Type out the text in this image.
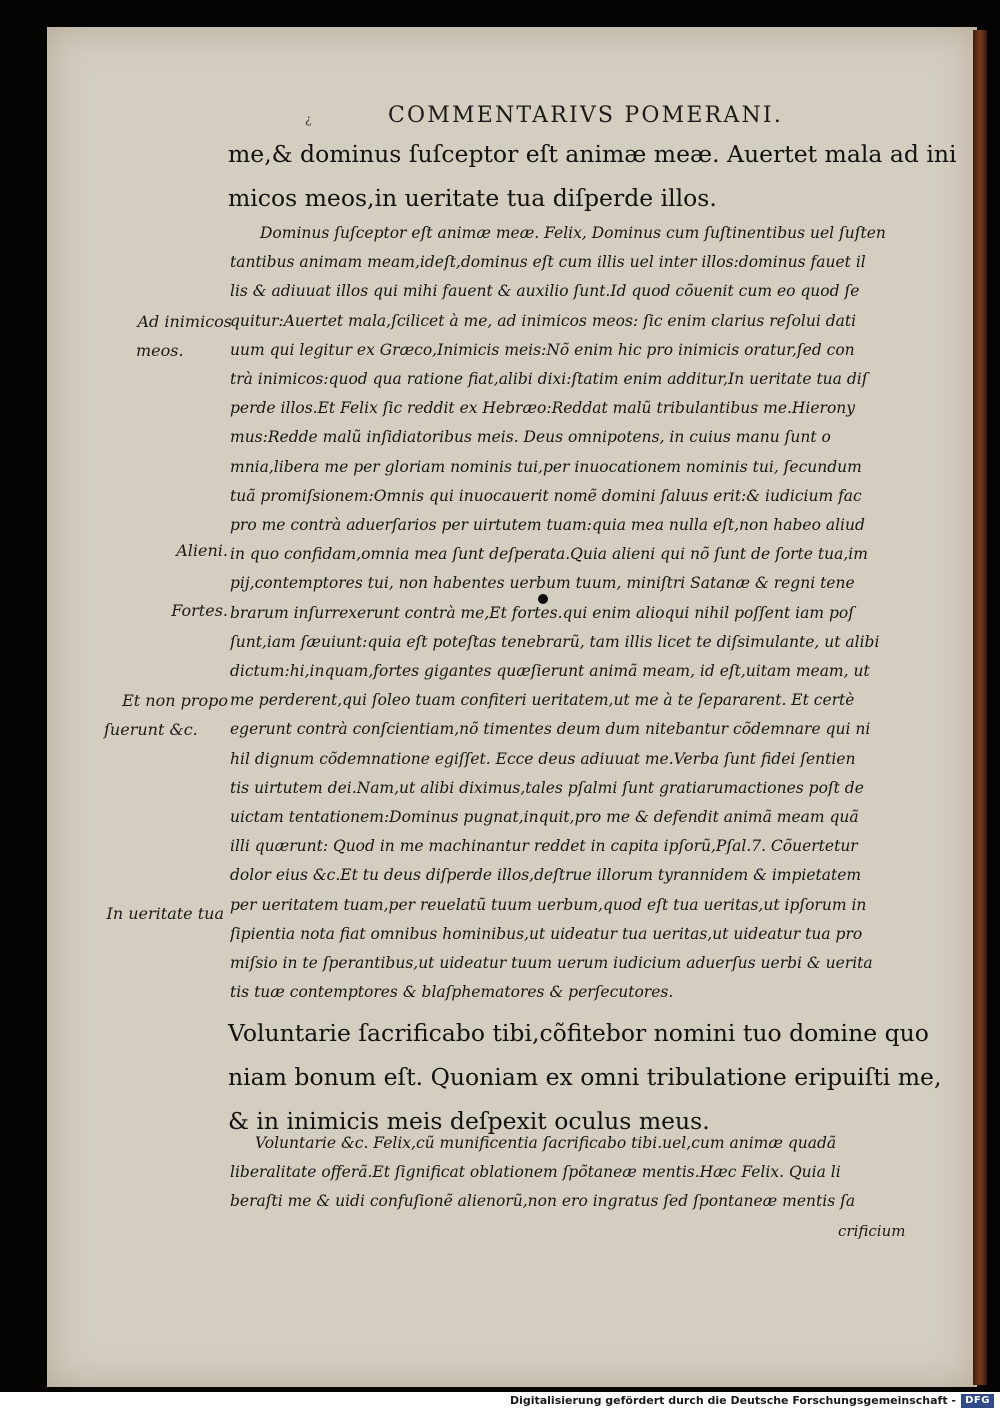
¿	COMMENTARIVS POMERANI.
me,& dominus ſuſceptor eſt animæ meæ. Auertet mala ad ini
micos meos,in ueritate tua diſperde illos.
Dominus ſuſceptor eſt animæ meæ. Felix, Dominus cum ſuſtinentibus uel ſuſten
tantibus animam meam,ideſt,dominus eſt cum illis uel inter illos:dominus fauet il
lis & adiuuat illos qui mihi fauent & auxilio ſunt.Id quod cõuenit cum eo quod ſe
quitur:Auertet mala,ſcilicet à me, ad inimicos meos: ſic enim clarius reſolui dati
uum qui legitur ex Græco,Inimicis meis:Nõ enim hic pro inimicis oratur,ſed con
trà inimicos:quod qua ratione fiat,alibi dixi:ſtatim enim additur,In ueritate tua diſ
perde illos.Et Felix ſic reddit ex Hebræo:Reddat malũ tribulantibus me.Hierony
mus:Redde malũ inſidiatoribus meis. Deus omnipotens, in cuius manu ſunt o
mnia,libera me per gloriam nominis tui,per inuocationem nominis tui, ſecundum
tuã promiſsionem:Omnis qui inuocauerit nomẽ domini ſaluus erit:& iudicium fac
pro me contrà aduerſarios per uirtutem tuam:quia mea nulla eſt,non habeo aliud
in quo confidam,omnia mea ſunt deſperata.Quia alieni qui nõ ſunt de ſorte tua,im
pij,contemptores tui, non habentes uerbum tuum, miniſtri Satanæ & regni tene
brarum inſurrexerunt contrà me,Et fortes.qui enim alioqui nihil poſſent iam poſ
ſunt,iam ſæuiunt:quia eſt poteſtas tenebrarũ, tam illis licet te diſsimulante, ut alibi
dictum:hi,inquam,fortes gigantes quæſierunt animã meam, id eſt,uitam meam, ut
me perderent,qui ſoleo tuam confiteri ueritatem,ut me à te ſepararent. Et certè
egerunt contrà conſcientiam,nõ timentes deum dum nitebantur cõdemnare qui ni
hil dignum cõdemnatione egiſſet. Ecce deus adiuuat me.Verba ſunt fidei ſentien
tis uirtutem dei.Nam,ut alibi diximus,tales pſalmi ſunt gratiarumactiones poſt de
uictam tentationem:Dominus pugnat,inquit,pro me & defendit animã meam quã
illi quærunt: Quod in me machinantur reddet in capita ipſorũ,Pſal.7. Cõuertetur
dolor eius &c.Et tu deus diſperde illos,deſtrue illorum tyrannidem & impietatem
per ueritatem tuam,per reuelatũ tuum uerbum,quod eſt tua ueritas,ut ipſorum in
ſipientia nota fiat omnibus hominibus,ut uideatur tua ueritas,ut uideatur tua pro
miſsio in te ſperantibus,ut uideatur tuum uerum iudicium aduerſus uerbi & uerita
tis tuæ contemptores & blaſphematores & perſecutores.
Voluntarie ſacrificabo tibi,cõfitebor nomini tuo domine quo
niam bonum eſt. Quoniam ex omni tribulatione eripuiſti me,
& in inimicis meis deſpexit oculus meus.
Voluntarie &c. Felix,cũ munificentia ſacrificabo tibi.uel,cum animæ quadã
liberalitate offerã.Et ſignificat oblationem ſpõtaneæ mentis.Hæc Felix. Quia li
beraſti me & uidi confuſionẽ alienorũ,non ero ingratus ſed ſpontaneæ mentis ſa
crificium
Ad inimicos
meos.
Alieni.
Fortes.
Et non propo
ſuerunt &c.
In ueritate tua
Digitalisierung gefördert durch die Deutsche Forschungsgemeinschaft - DFG
